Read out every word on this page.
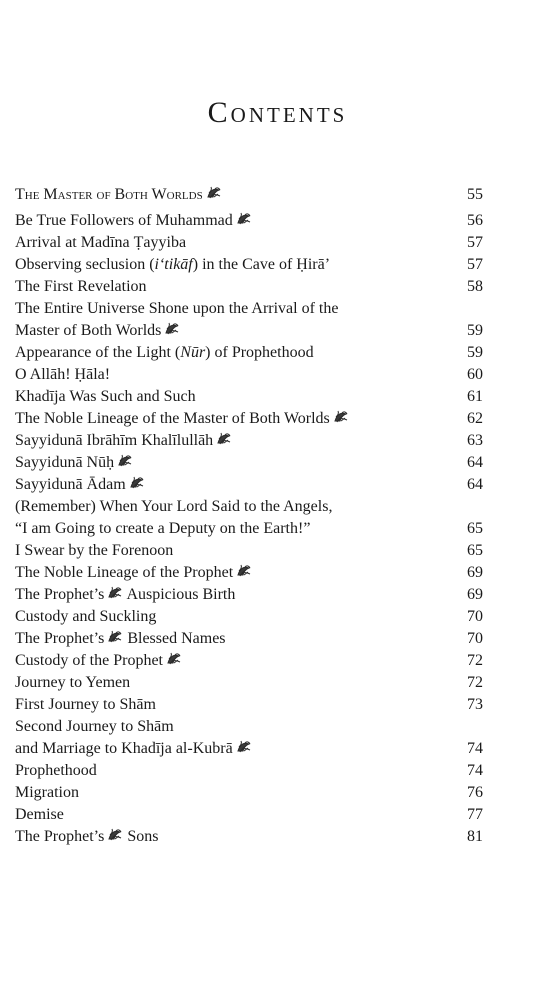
Contents
The Master of Both Worlds	55
Be True Followers of Muhammad	56
Arrival at Madīna Ṭayyiba	57
Observing seclusion (i‘tikāf) in the Cave of Ḥirā’	57
The First Revelation	58
The Entire Universe Shone upon the Arrival of the
Master of Both Worlds	59
Appearance of the Light (Nūr) of Prophethood	59
O Allāh! Ḥāla!	60
Khadīja Was Such and Such	61
The Noble Lineage of the Master of Both Worlds	62
Sayyidunā Ibrāhīm Khalīlullāh	63
Sayyidunā Nūḥ	64
Sayyidunā Ādam	64
(Remember) When Your Lord Said to the Angels,
“I am Going to create a Deputy on the Earth!”	65
I Swear by the Forenoon	65
The Noble Lineage of the Prophet	69
The Prophet’s
Auspicious Birth	69
Custody and Suckling	70
The Prophet’s
Blessed Names	70
Custody of the Prophet	72
Journey to Yemen	72
First Journey to Shām	73
Second Journey to Shām
and Marriage to Khadīja al-Kubrā	74
Prophethood	74
Migration	76
Demise	77
The Prophet’s
Sons	81
